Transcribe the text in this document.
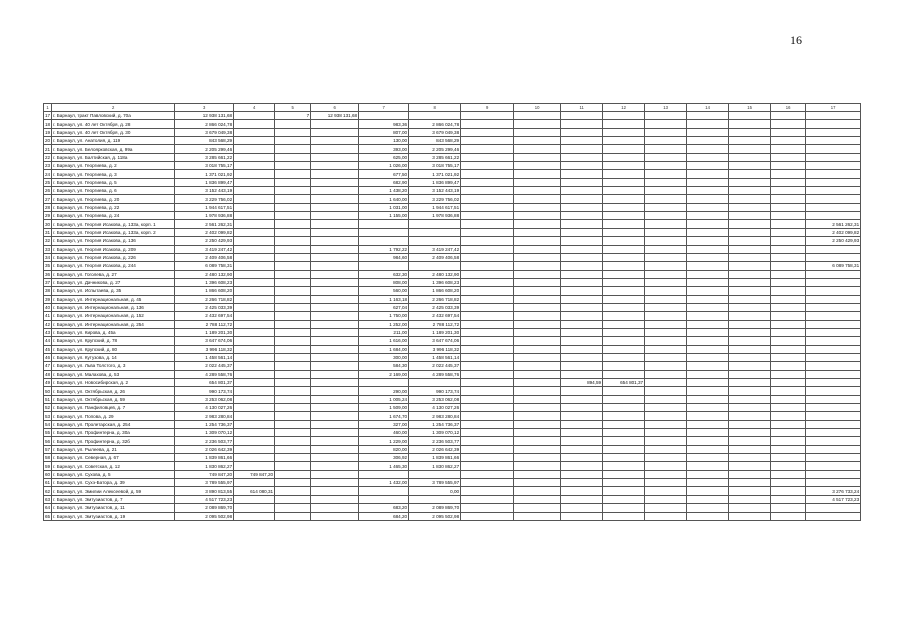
16
1	2	3	4	5	6	7	8	9	10	11	12	13	14	15	16	17
17	г. Барнаул, тракт Павловский, д. 70а	12 938 131,68		7	12 938 131,68											
18	г. Барнаул, ул. 40 лет Октября, д. 28	2 866 024,78				983,36	2 866 024,78									
19	г. Барнаул, ул. 40 лет Октября, д. 30	3 679 049,38				807,00	3 679 049,38									
20	г. Барнаул, ул. Анатолия, д. 119	843 568,29				130,00	843 568,29									
21	г. Барнаул, ул. Белоярковская, д. 99а	2 205 299,46				393,00	2 205 299,46									
22	г. Барнаул, ул. Балтийская, д. 118а	3 285 661,22				625,00	3 285 661,22									
23	г. Барнаул, ул. Георгиева, д. 2	3 018 755,17				1 026,00	3 018 755,17									
24	г. Барнаул, ул. Георгиева, д. 3	1 371 021,92				677,50	1 371 021,92									
25	г. Барнаул, ул. Георгиева, д. 5	1 836 899,47				682,90	1 836 899,47									
26	г. Барнаул, ул. Георгиева, д. 6	3 152 443,19				1 438,20	3 152 443,19									
27	г. Барнаул, ул. Георгиева, д. 20	3 229 756,02				1 640,00	3 229 756,02									
28	г. Барнаул, ул. Георгиева, д. 22	1 944 617,51				1 031,00	1 944 617,51									
29	г. Барнаул, ул. Георгиева, д. 24	1 978 936,88				1 155,00	1 978 936,88									
30	г. Барнаул, ул. Георгия Исакова, д. 133а, корп. 1	2 561 262,31														2 561 262,31
31	г. Барнаул, ул. Георгия Исакова, д. 133а, корп. 2	2 402 099,82														2 402 099,82
32	г. Барнаул, ул. Георгия Исакова, д. 136	2 250 429,93														2 250 429,93
33	г. Барнаул, ул. Георгия Исакова, д. 209	3 419 247,42				1 792,22	3 419 247,42									
34	г. Барнаул, ул. Георгия Исакова, д. 226	2 409 406,58				984,60	2 409 406,58									
35	г. Барнаул, ул. Георгия Исакова, д. 244	6 089 758,31														6 089 758,31
36	г. Барнаул, ул. Гоголева, д. 27	2 480 132,90				632,30	2 480 132,90									
37	г. Барнаул, ул. Дачникова, д. 27	1 396 608,23				808,00	1 396 608,23									
38	г. Барнаул, ул. Испытаева, д. 35	1 866 608,20				560,00	1 866 608,20									
39	г. Барнаул, ул. Интернациональная, д. 45	2 266 718,82				1 163,18	2 266 718,82									
40	г. Барнаул, ул. Интернациональная, д. 136	2 425 033,39				627,04	2 425 033,39									
41	г. Барнаул, ул. Интернациональная, д. 152	2 432 697,54				1 750,00	2 432 697,54									
42	г. Барнаул, ул. Интернациональная, д. 254	2 788 112,72				1 252,00	2 788 112,72									
43	г. Барнаул, ул. Кирова, д. 45а	1 189 201,30				211,00	1 189 201,30									
44	г. Барнаул, ул. Крупский, д. 78	3 647 674,06				1 616,00	3 647 674,06									
45	г. Барнаул, ул. Крупский, д. 80	3 996 118,32				1 684,00	3 996 118,32									
46	г. Барнаул, ул. Кутузова, д. 14	1 458 561,14				300,00	1 458 561,14									
47	г. Барнаул, ул. Льва Толстого, д. 3	2 022 445,37				584,30	2 022 445,37									
48	г. Барнаул, ул. Малахова, д. 53	4 289 558,76				2 169,00	4 289 558,76									
49	г. Барнаул, ул. Новосибирская, д. 2	654 801,37								894,59	654 801,37					
50	г. Барнаул, ул. Октябрьская, д. 26	990 173,74				290,00	990 173,74									
51	г. Барнаул, ул. Октябрьская, д. 59	3 253 062,08				1 005,24	3 253 062,08									
52	г. Барнаул, ул. Панфиловцев, д. 7	4 130 027,26				1 509,00	4 130 027,26									
53	г. Барнаул, ул. Попова, д. 29	2 983 280,84				1 674,70	2 983 280,84									
54	г. Барнаул, ул. Пролетарская, д. 254	1 254 736,37				327,00	1 254 736,37									
55	г. Барнаул, ул. Профинтерна, д. 30а	1 309 070,12				460,00	1 309 070,12									
56	г. Барнаул, ул. Профинтерна, д. 32б	2 236 503,77				1 229,00	2 236 503,77									
57	г. Барнаул, ул. Рылеева, д. 21	2 026 642,39				820,00	2 026 642,39									
58	г. Барнаул, ул. Северная, д. 67	1 839 861,66				306,92	1 839 861,66									
59	г. Барнаул, ул. Советская, д. 12	1 830 862,27				1 465,30	1 830 862,27									
60	г. Барнаул, ул. Сухова, д. 5	749 847,20	749 847,20													
61	г. Барнаул, ул. Сухэ-Батора, д. 39	3 789 555,97				1 432,00	3 789 555,97									
62	г. Барнаул, ул. Эмилии Алексеевой, д. 59	3 890 813,55	614 080,31				0,00									3 276 733,24
63	г. Барнаул, ул. Эмтузиастов, д. 7	4 517 723,23														4 517 723,23
64	г. Барнаул, ул. Эмтузиастов, д. 11	2 089 869,70				683,20	2 089 869,70									
65	г. Барнаул, ул. Эмтузиастов, д. 19	2 095 502,98				684,20	2 095 502,98									
